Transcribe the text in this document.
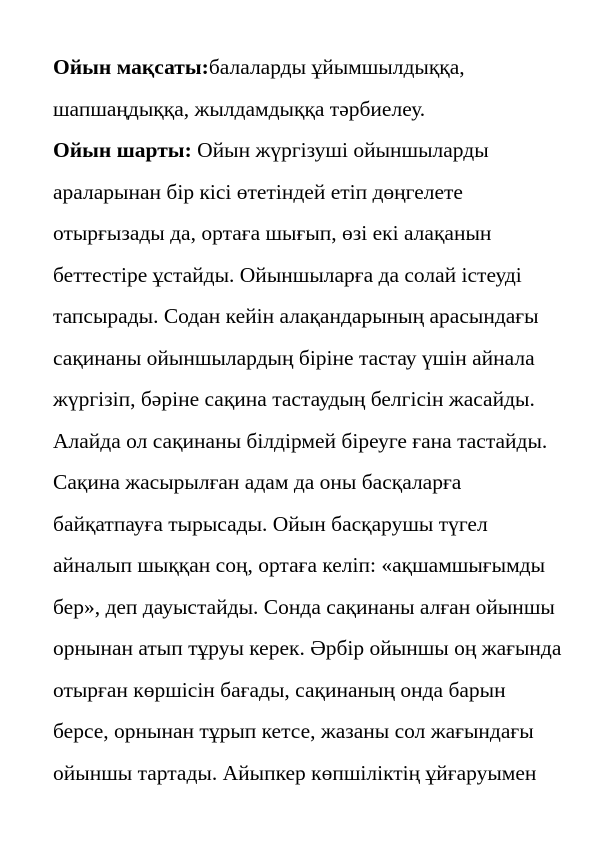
Ойын мақсаты:балаларды ұйымшылдыққа,
шапшаңдыққа, жылдамдыққа тәрбиелеу.
Ойын шарты: Ойын жүргізуші ойыншыларды
араларынан бір кісі өтетіндей етіп дөңгелете
отырғызады да, ортаға шығып, өзі екі алақанын
беттестіре ұстайды. Ойыншыларға да солай істеуді
тапсырады. Содан кейін алақандарының арасындағы
сақинаны ойыншылардың біріне тастау үшін айнала
жүргізіп, бәріне сақина тастаудың белгісін жасайды.
Алайда ол сақинаны білдірмей біреуге ғана тастайды.
Сақина жасырылған адам да оны басқаларға
байқатпауға тырысады. Ойын басқарушы түгел
айналып шыққан соң, ортаға келіп: «ақшамшығымды
бер», деп дауыстайды. Сонда сақинаны алған ойыншы
орнынан атып тұруы керек. Әрбір ойыншы оң жағында
отырған көршісін бағады, сақинаның онда барын
берсе, орнынан тұрып кетсе, жазаны сол жағындағы
ойыншы тартады. Айыпкер көпшіліктің ұйғаруымен
